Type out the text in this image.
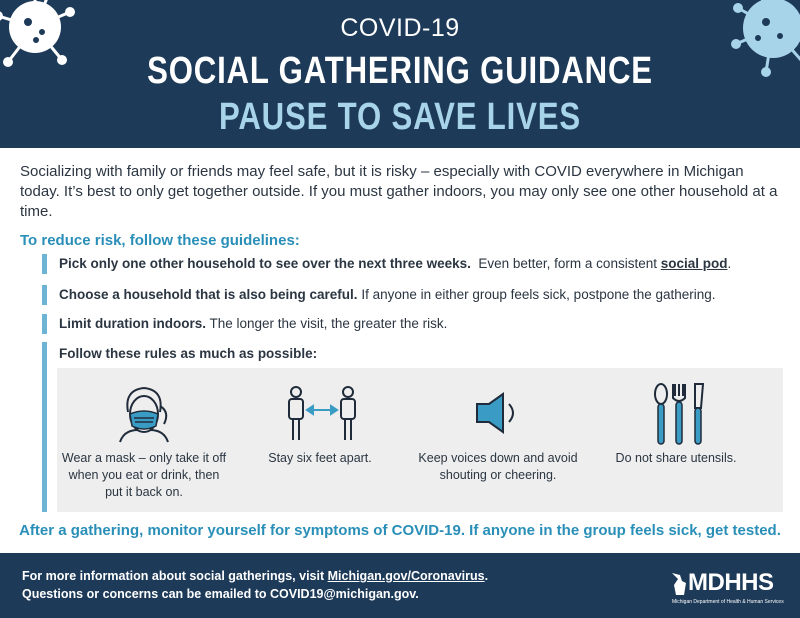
COVID-19
SOCIAL GATHERING GUIDANCE
PAUSE TO SAVE LIVES
Socializing with family or friends may feel safe, but it is risky – especially with COVID everywhere in Michigan today. It’s best to only get together outside. If you must gather indoors, you may only see one other household at a time.
To reduce risk, follow these guidelines:
Pick only one other household to see over the next three weeks.  Even better, form a consistent social pod.
Choose a household that is also being careful. If anyone in either group feels sick, postpone the gathering.
Limit duration indoors. The longer the visit, the greater the risk.
Follow these rules as much as possible:
Wear a mask – only take it off when you eat or drink, then put it back on.
Stay six feet apart.	Keep voices down and avoid shouting or cheering.
Do not share utensils.
After a gathering, monitor yourself for symptoms of COVID-19. If anyone in the group feels sick, get tested.
For more information about social gatherings, visit Michigan.gov/Coronavirus.
Questions or concerns can be emailed to COVID19@michigan.gov.	MDHHS
Michigan Department of Health & Human Services
